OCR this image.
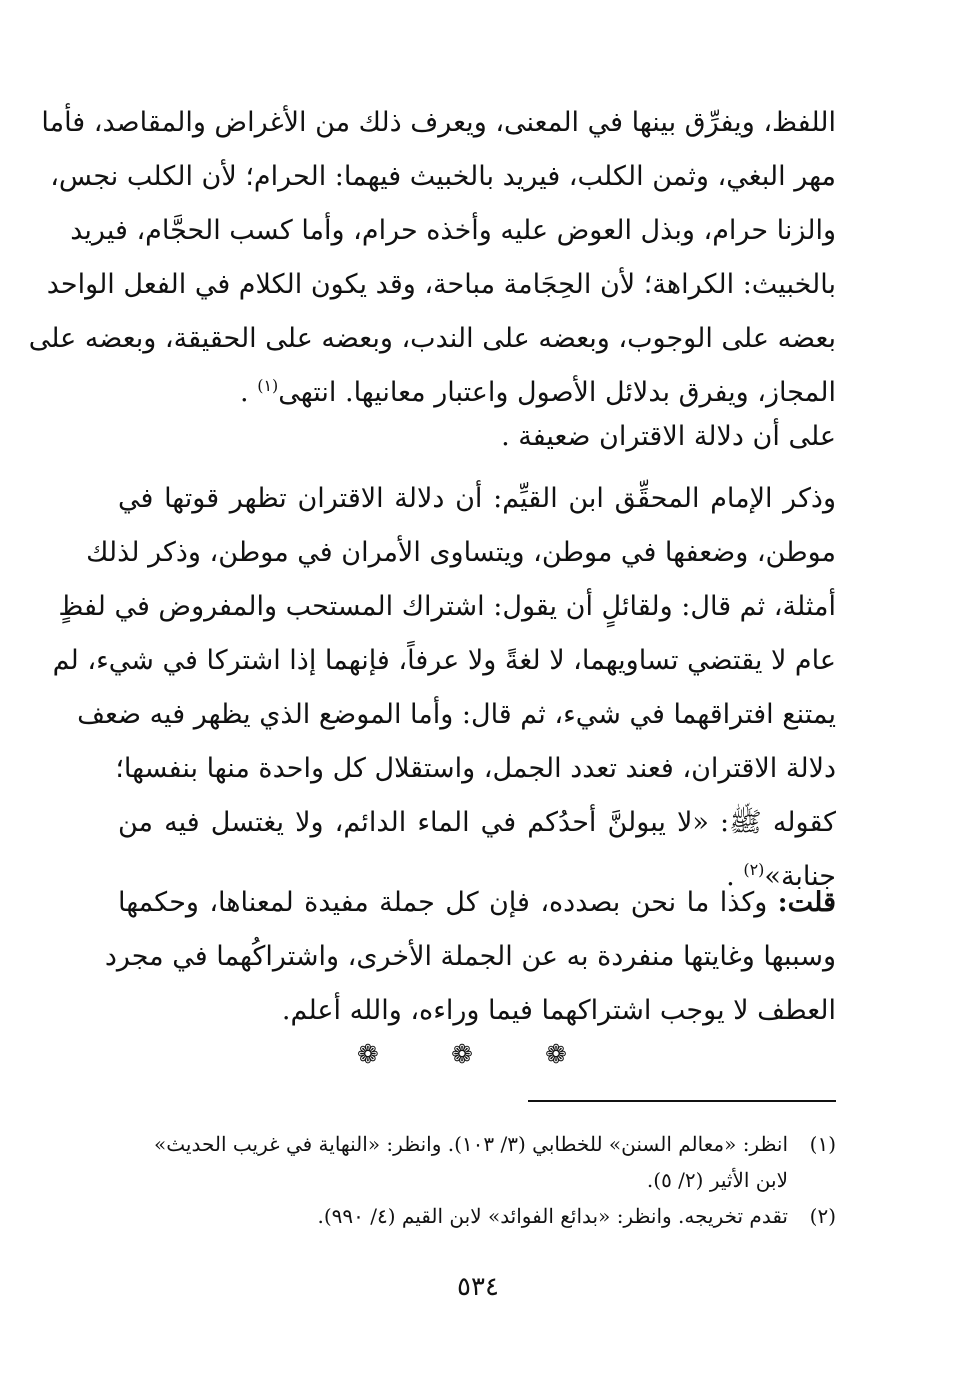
اللفظ، ويفرِّق بينها في المعنى، ويعرف ذلك من الأغراض والمقاصد، فأما
مهر البغي، وثمن الكلب، فيريد بالخبيث فيهما: الحرام؛ لأن الكلب نجس،
والزنا حرام، وبذل العوض عليه وأخذه حرام، وأما كسب الحجَّام، فيريد
بالخبيث: الكراهة؛ لأن الحِجَامة مباحة، وقد يكون الكلام في الفعل الواحد
بعضه على الوجوب، وبعضه على الندب، وبعضه على الحقيقة، وبعضه على
المجاز، ويفرق بدلائل الأصول واعتبار معانيها. انتهى$^{(١)}$ .
على أن دلالة الاقتران ضعيفة .
وذكر الإمام المحقِّق ابن القيِّم: أن دلالة الاقتران تظهر قوتها في
موطن، وضعفها في موطن، ويتساوى الأمران في موطن، وذكر لذلك
أمثلة، ثم قال: ولقائلٍ أن يقول: اشتراك المستحب والمفروض في لفظٍ
عام لا يقتضي تساويهما، لا لغةً ولا عرفاً، فإنهما إذا اشتركا في شيء، لم
يمتنع افتراقهما في شيء، ثم قال: وأما الموضع الذي يظهر فيه ضعف
دلالة الاقتران، فعند تعدد الجمل، واستقلال كل واحدة منها بنفسها؛
كقوله ﷺ: «لا يبولنَّ أحدُكم في الماء الدائم، ولا يغتسل فيه من
جنابة»$^{(٢)}$ .
قلت: وكذا ما نحن بصدده، فإن كل جملة مفيدة لمعناها، وحكمها
وسببها وغايتها منفردة به عن الجملة الأخرى، واشتراكُهما في مجرد
العطف لا يوجب اشتراكهما فيما وراءه، والله أعلم.
❁ ❁ ❁
(١)
انظر: «معالم السنن» للخطابي (٣/ ١٠٣). وانظر: «النهاية في غريب الحديث»
لابن الأثير (٢/ ٥).
(٢)
تقدم تخريجه. وانظر: «بدائع الفوائد» لابن القيم (٤/ ٩٩٠).
٥٣٤
